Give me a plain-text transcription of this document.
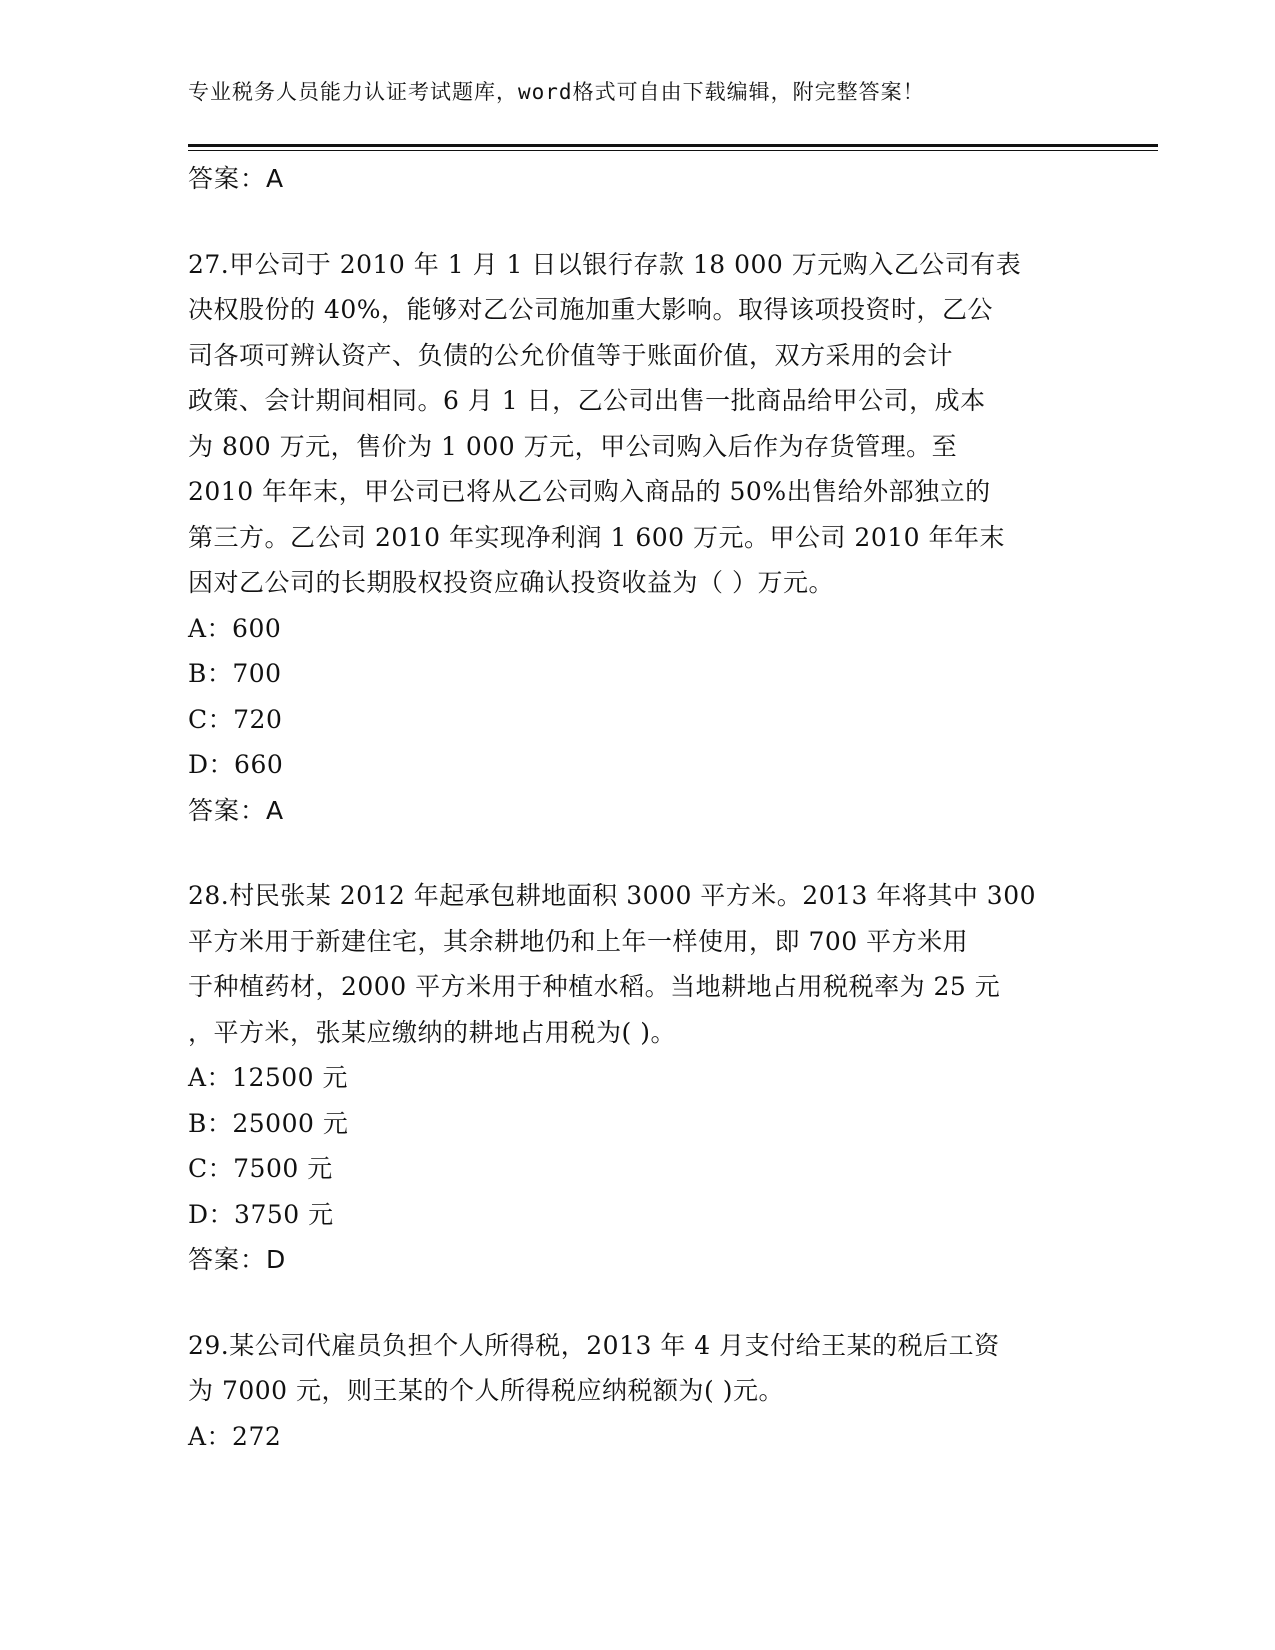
专业税务人员能力认证考试题库，word格式可自由下载编辑，附完整答案！
答案：A
27.甲公司于 2010 年 1 月 1 日以银行存款 18 000 万元购入乙公司有表
决权股份的 40%，能够对乙公司施加重大影响。取得该项投资时，乙公
司各项可辨认资产、负债的公允价值等于账面价值，双方采用的会计
政策、会计期间相同。6 月 1 日，乙公司出售一批商品给甲公司，成本
为 800 万元，售价为 1 000 万元，甲公司购入后作为存货管理。至
2010 年年末，甲公司已将从乙公司购入商品的 50%出售给外部独立的
第三方。乙公司 2010 年实现净利润 1 600 万元。甲公司 2010 年年末
因对乙公司的长期股权投资应确认投资收益为（ ）万元。
A：600
B：700
C：720
D：660
答案：A
28.村民张某 2012 年起承包耕地面积 3000 平方米。2013 年将其中 300
平方米用于新建住宅，其余耕地仍和上年一样使用，即 700 平方米用
于种植药材，2000 平方米用于种植水稻。当地耕地占用税税率为 25 元
，平方米，张某应缴纳的耕地占用税为( )。
A：12500 元
B：25000 元
C：7500 元
D：3750 元
答案：D
29.某公司代雇员负担个人所得税，2013 年 4 月支付给王某的税后工资
为 7000 元，则王某的个人所得税应纳税额为( )元。
A：272
